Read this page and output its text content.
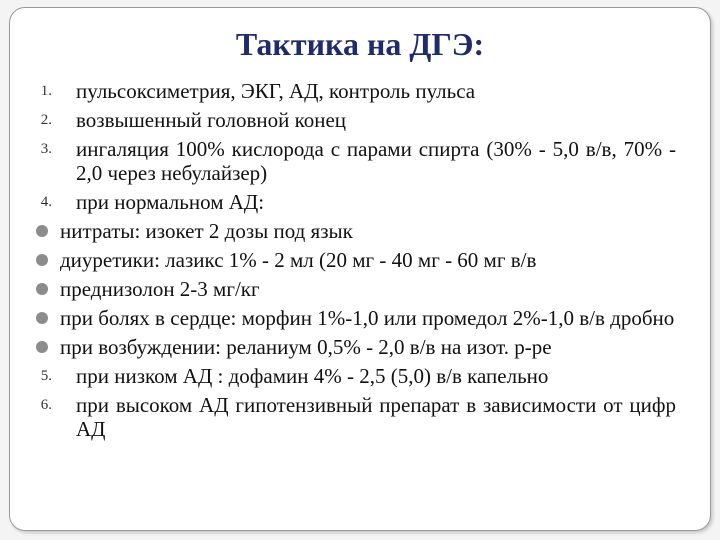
Тактика на ДГЭ:
1. пульсоксиметрия, ЭКГ, АД, контроль пульса
2. возвышенный головной конец
3. ингаляция 100% кислорода с парами спирта (30% - 5,0 в/в, 70% - 2,0 через небулайзер)
4. при нормальном АД:
нитраты: изокет 2 дозы под язык
диуретики: лазикс 1% - 2 мл (20 мг - 40 мг - 60 мг в/в
преднизолон 2-3 мг/кг
при болях в сердце: морфин 1%-1,0 или промедол 2%-1,0 в/в дробно
при возбуждении: реланиум 0,5% - 2,0 в/в на изот. р-ре
5. при низком АД : дофамин 4% - 2,5 (5,0) в/в капельно
6. при высоком АД гипотензивный препарат в зависимости от цифр АД
